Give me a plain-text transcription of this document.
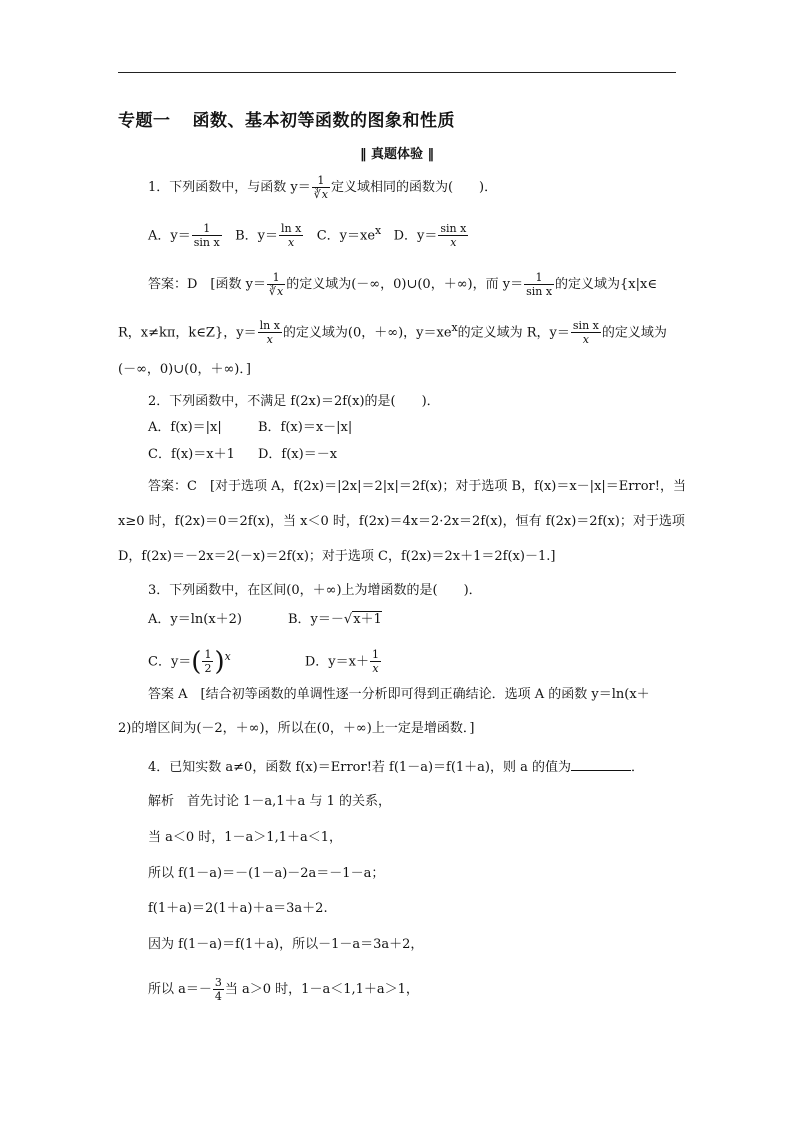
专题一 函数、基本初等函数的图象和性质
‖ 真题体验 ‖
1．下列函数中，与函数 $y= \frac{1}{∛x}$ 定义域相同的函数为(　　)．
A．$y= \frac{1}{\text{sin x}}$ B．$y= \frac{\text{ln x}}{x}$ C．$y=xe^x$ D．$y= \frac{\text{sin x}}{x}$
答案：D　[函数 $y= \frac{1}{∛x}$ 的定义域为(－∞，0)∪(0，＋∞)，而 $y= \frac{1}{\text{sin x}}$ 的定义域为{x|x∈
R，x≠kπ，k∈Z}，$y= \frac{\text{ln x}}{x}$ 的定义域为(0，＋∞)，$y=xe^x$的定义域为 R，$y= \frac{\text{sin x}}{x}$ 的定义域为
(－∞，0)∪(0，＋∞)．]
2．下列函数中，不满足 f(2x)＝2f(x)的是(　　)．
A．f(x)＝|x|	B．f(x)＝x－|x|
C．f(x)＝x＋1 D．f(x)＝－x
答案：C　[对于选项 A，f(2x)＝|2x|＝2|x|＝2f(x)；对于选项 B，f(x)＝x－|x|＝Error!，当
x≥0 时，f(2x)＝0＝2f(x)，当 x＜0 时，f(2x)＝4x＝2·2x＝2f(x)，恒有 f(2x)＝2f(x)；对于选项
D，f(2x)＝－2x＝2(－x)＝2f(x)；对于选项 C，f(2x)＝2x＋1＝2f(x)－1.]
3．下列函数中，在区间(0，＋∞)上为增函数的是(　　)．
A．y＝ln(x＋2)	B．y＝－√x＋1
C．$y=( \frac{1}{2} )^x$	D．$y=x+ \frac{1}{x}$
答案 A　[结合初等函数的单调性逐一分析即可得到正确结论．选项 A 的函数 y＝ln(x＋
2)的增区间为(－2，＋∞)，所以在(0，＋∞)上一定是增函数．]
4．已知实数 a≠0，函数 f(x)＝Error!若 f(1－a)＝f(1＋a)，则 a 的值为	．
解析　首先讨论 1－a,1＋a 与 1 的关系，
当 a＜0 时，1－a＞1,1＋a＜1，
所以 f(1－a)＝－(1－a)－2a＝－1－a；
f(1＋a)＝2(1＋a)＋a＝3a＋2.
因为 f(1－a)＝f(1＋a)，所以－1－a＝3a＋2，
所以 $a=- \frac{3}{4}$ 当 a＞0 时，1－a＜1,1＋a＞1，
